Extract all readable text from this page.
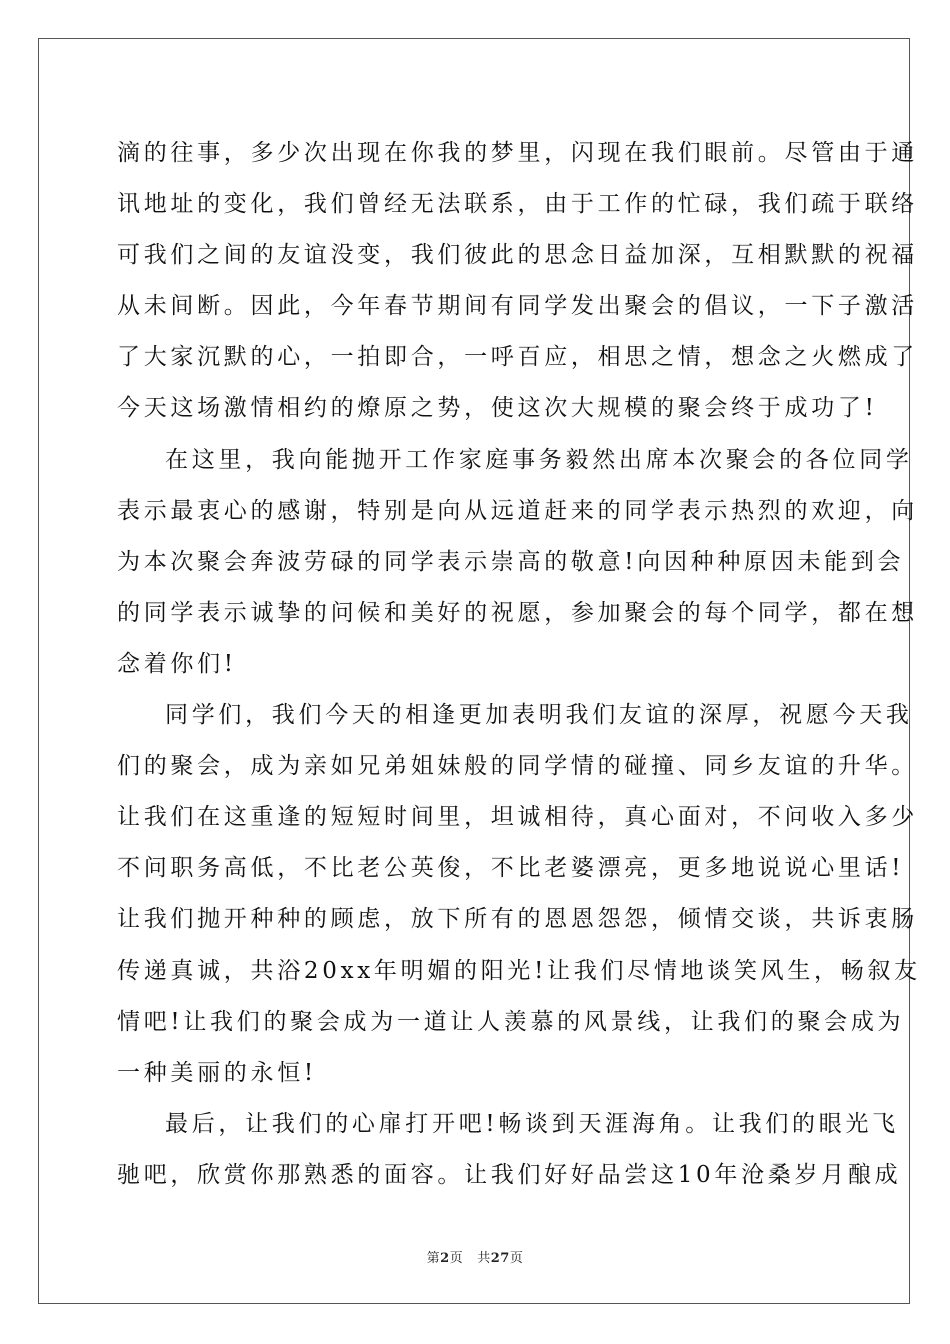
滴的往事，多少次出现在你我的梦里，闪现在我们眼前。尽管由于通
讯地址的变化，我们曾经无法联系，由于工作的忙碌，我们疏于联络
可我们之间的友谊没变，我们彼此的思念日益加深，互相默默的祝福
从未间断。因此，今年春节期间有同学发出聚会的倡议，一下子激活
了大家沉默的心，一拍即合，一呼百应，相思之情，想念之火燃成了
今天这场激情相约的燎原之势，使这次大规模的聚会终于成功了!
在这里，我向能抛开工作家庭事务毅然出席本次聚会的各位同学
表示最衷心的感谢，特别是向从远道赶来的同学表示热烈的欢迎，向
为本次聚会奔波劳碌的同学表示崇高的敬意!向因种种原因未能到会
的同学表示诚挚的问候和美好的祝愿，参加聚会的每个同学，都在想
念着你们!
同学们，我们今天的相逢更加表明我们友谊的深厚，祝愿今天我
们的聚会，成为亲如兄弟姐妹般的同学情的碰撞、同乡友谊的升华。
让我们在这重逢的短短时间里，坦诚相待，真心面对，不问收入多少
不问职务高低，不比老公英俊，不比老婆漂亮，更多地说说心里话!
让我们抛开种种的顾虑，放下所有的恩恩怨怨，倾情交谈，共诉衷肠
传递真诚，共浴20xx年明媚的阳光!让我们尽情地谈笑风生，畅叙友
情吧!让我们的聚会成为一道让人羡慕的风景线，让我们的聚会成为
一种美丽的永恒!
最后，让我们的心扉打开吧!畅谈到天涯海角。让我们的眼光飞
驰吧，欣赏你那熟悉的面容。让我们好好品尝这10年沧桑岁月酿成
第2页 共27页
